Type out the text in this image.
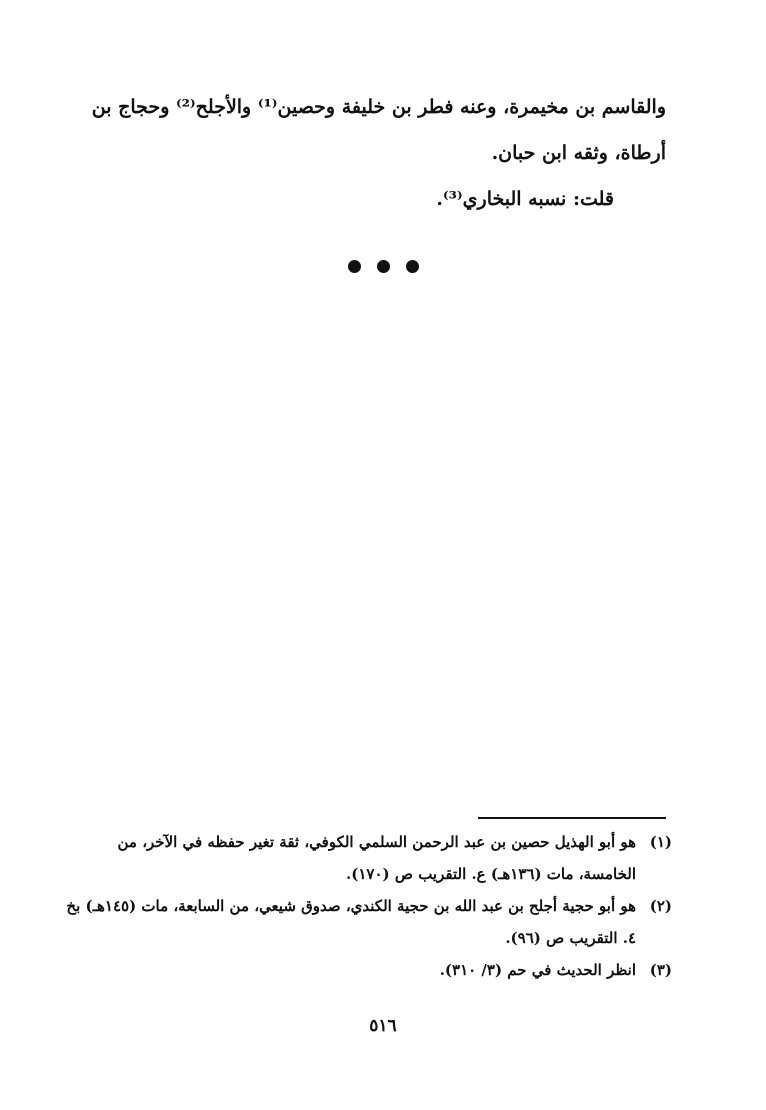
والقاسم بن مخيمرة، وعنه فطر بن خليفة وحصين⁽¹⁾ والأجلح⁽²⁾ وحجاج بن
أرطاة، وثقه ابن حبان.
قلت: نسبه البخاري⁽³⁾.
(١)
هو أبو الهذيل حصين بن عبد الرحمن السلمي الكوفي، ثقة تغير حفظه في الآخر، من الخامسة، مات (١٣٦هـ) ع. التقريب ص (١٧٠).
(٢)
هو أبو حجية أجلح بن عبد الله بن حجية الكندي، صدوق شيعي، من السابعة، مات (١٤٥هـ) بخ ٤. التقريب ص (٩٦).
(٣)
انظر الحديث في حم (٣/ ٣١٠).
٥١٦
